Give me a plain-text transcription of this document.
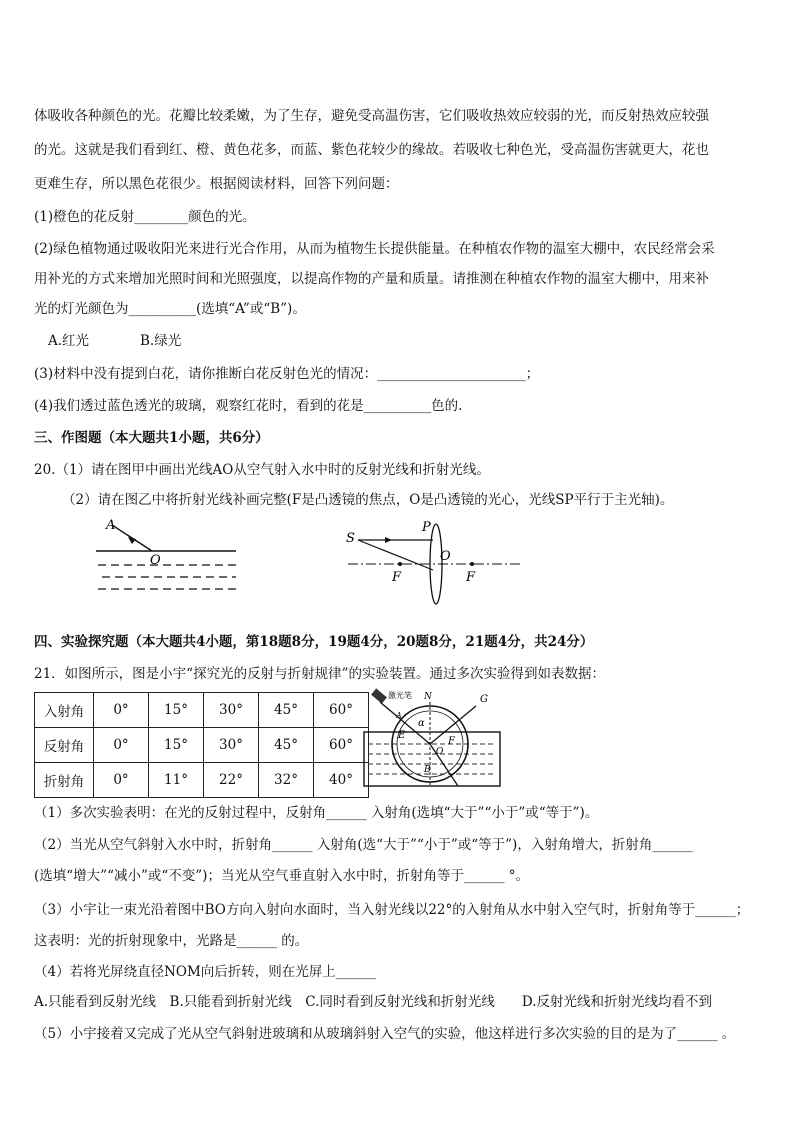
体吸收各种颜色的光。花瓣比较柔嫩，为了生存，避免受高温伤害，它们吸收热效应较弱的光，而反射热效应较强
的光。这就是我们看到红、橙、黄色花多，而蓝、紫色花较少的缘故。若吸收七种色光，受高温伤害就更大，花也
更难生存，所以黑色花很少。根据阅读材料，回答下列问题：
(1)橙色的花反射________颜色的光。
(2)绿色植物通过吸收阳光来进行光合作用，从而为植物生长提供能量。在种植农作物的温室大棚中，农民经常会采
用补光的方式来增加光照时间和光照强度，以提高作物的产量和质量。请推测在种植农作物的温室大棚中，用来补
光的灯光颜色为__________(选填“A”或“B”)。
A.红光	B.绿光
(3)材料中没有提到白花，请你推断白花反射色光的情况：______________________；
(4)我们透过蓝色透光的玻璃，观察红花时，看到的花是__________色的.
三、作图题（本大题共1小题，共6分）
20.（1）请在图甲中画出光线AO从空气射入水中时的反射光线和折射光线。
（2）请在图乙中将折射光线补画完整(F是凸透镜的焦点，O是凸透镜的光心，光线SP平行于主光轴)。
A
O
S
P
O
F	F
四、实验探究题（本大题共4小题，第18题8分，19题4分，20题8分，21题4分，共24分）
21．如图所示，图是小宇“探究光的反射与折射规律”的实验装置。通过多次实验得到如表数据：
入射角	0°	15°	30°	45°	60°
反射角	0°	15°	30°	45°	60°
折射角	0°	11°	22°	32°	40°
激光笔 N	G
E
F
α
A
O
B
（1）多次实验表明：在光的反射过程中，反射角______ 入射角(选填“大于”“小于”或“等于”)。
（2）当光从空气斜射入水中时，折射角______ 入射角(选“大于”“小于”或“等于”)，入射角增大，折射角______
(选填“增大”“减小”或“不变”)；当光从空气垂直射入水中时，折射角等于______ °。
（3）小宇让一束光沿着图中BO方向入射向水面时，当入射光线以22°的入射角从水中射入空气时，折射角等于______；
这表明：光的折射现象中，光路是______ 的。
（4）若将光屏绕直径NOM向后折转，则在光屏上______
A.只能看到反射光线　B.只能看到折射光线　C.同时看到反射光线和折射光线　　D.反射光线和折射光线均看不到
（5）小宇接着又完成了光从空气斜射进玻璃和从玻璃斜射入空气的实验，他这样进行多次实验的目的是为了______ 。
